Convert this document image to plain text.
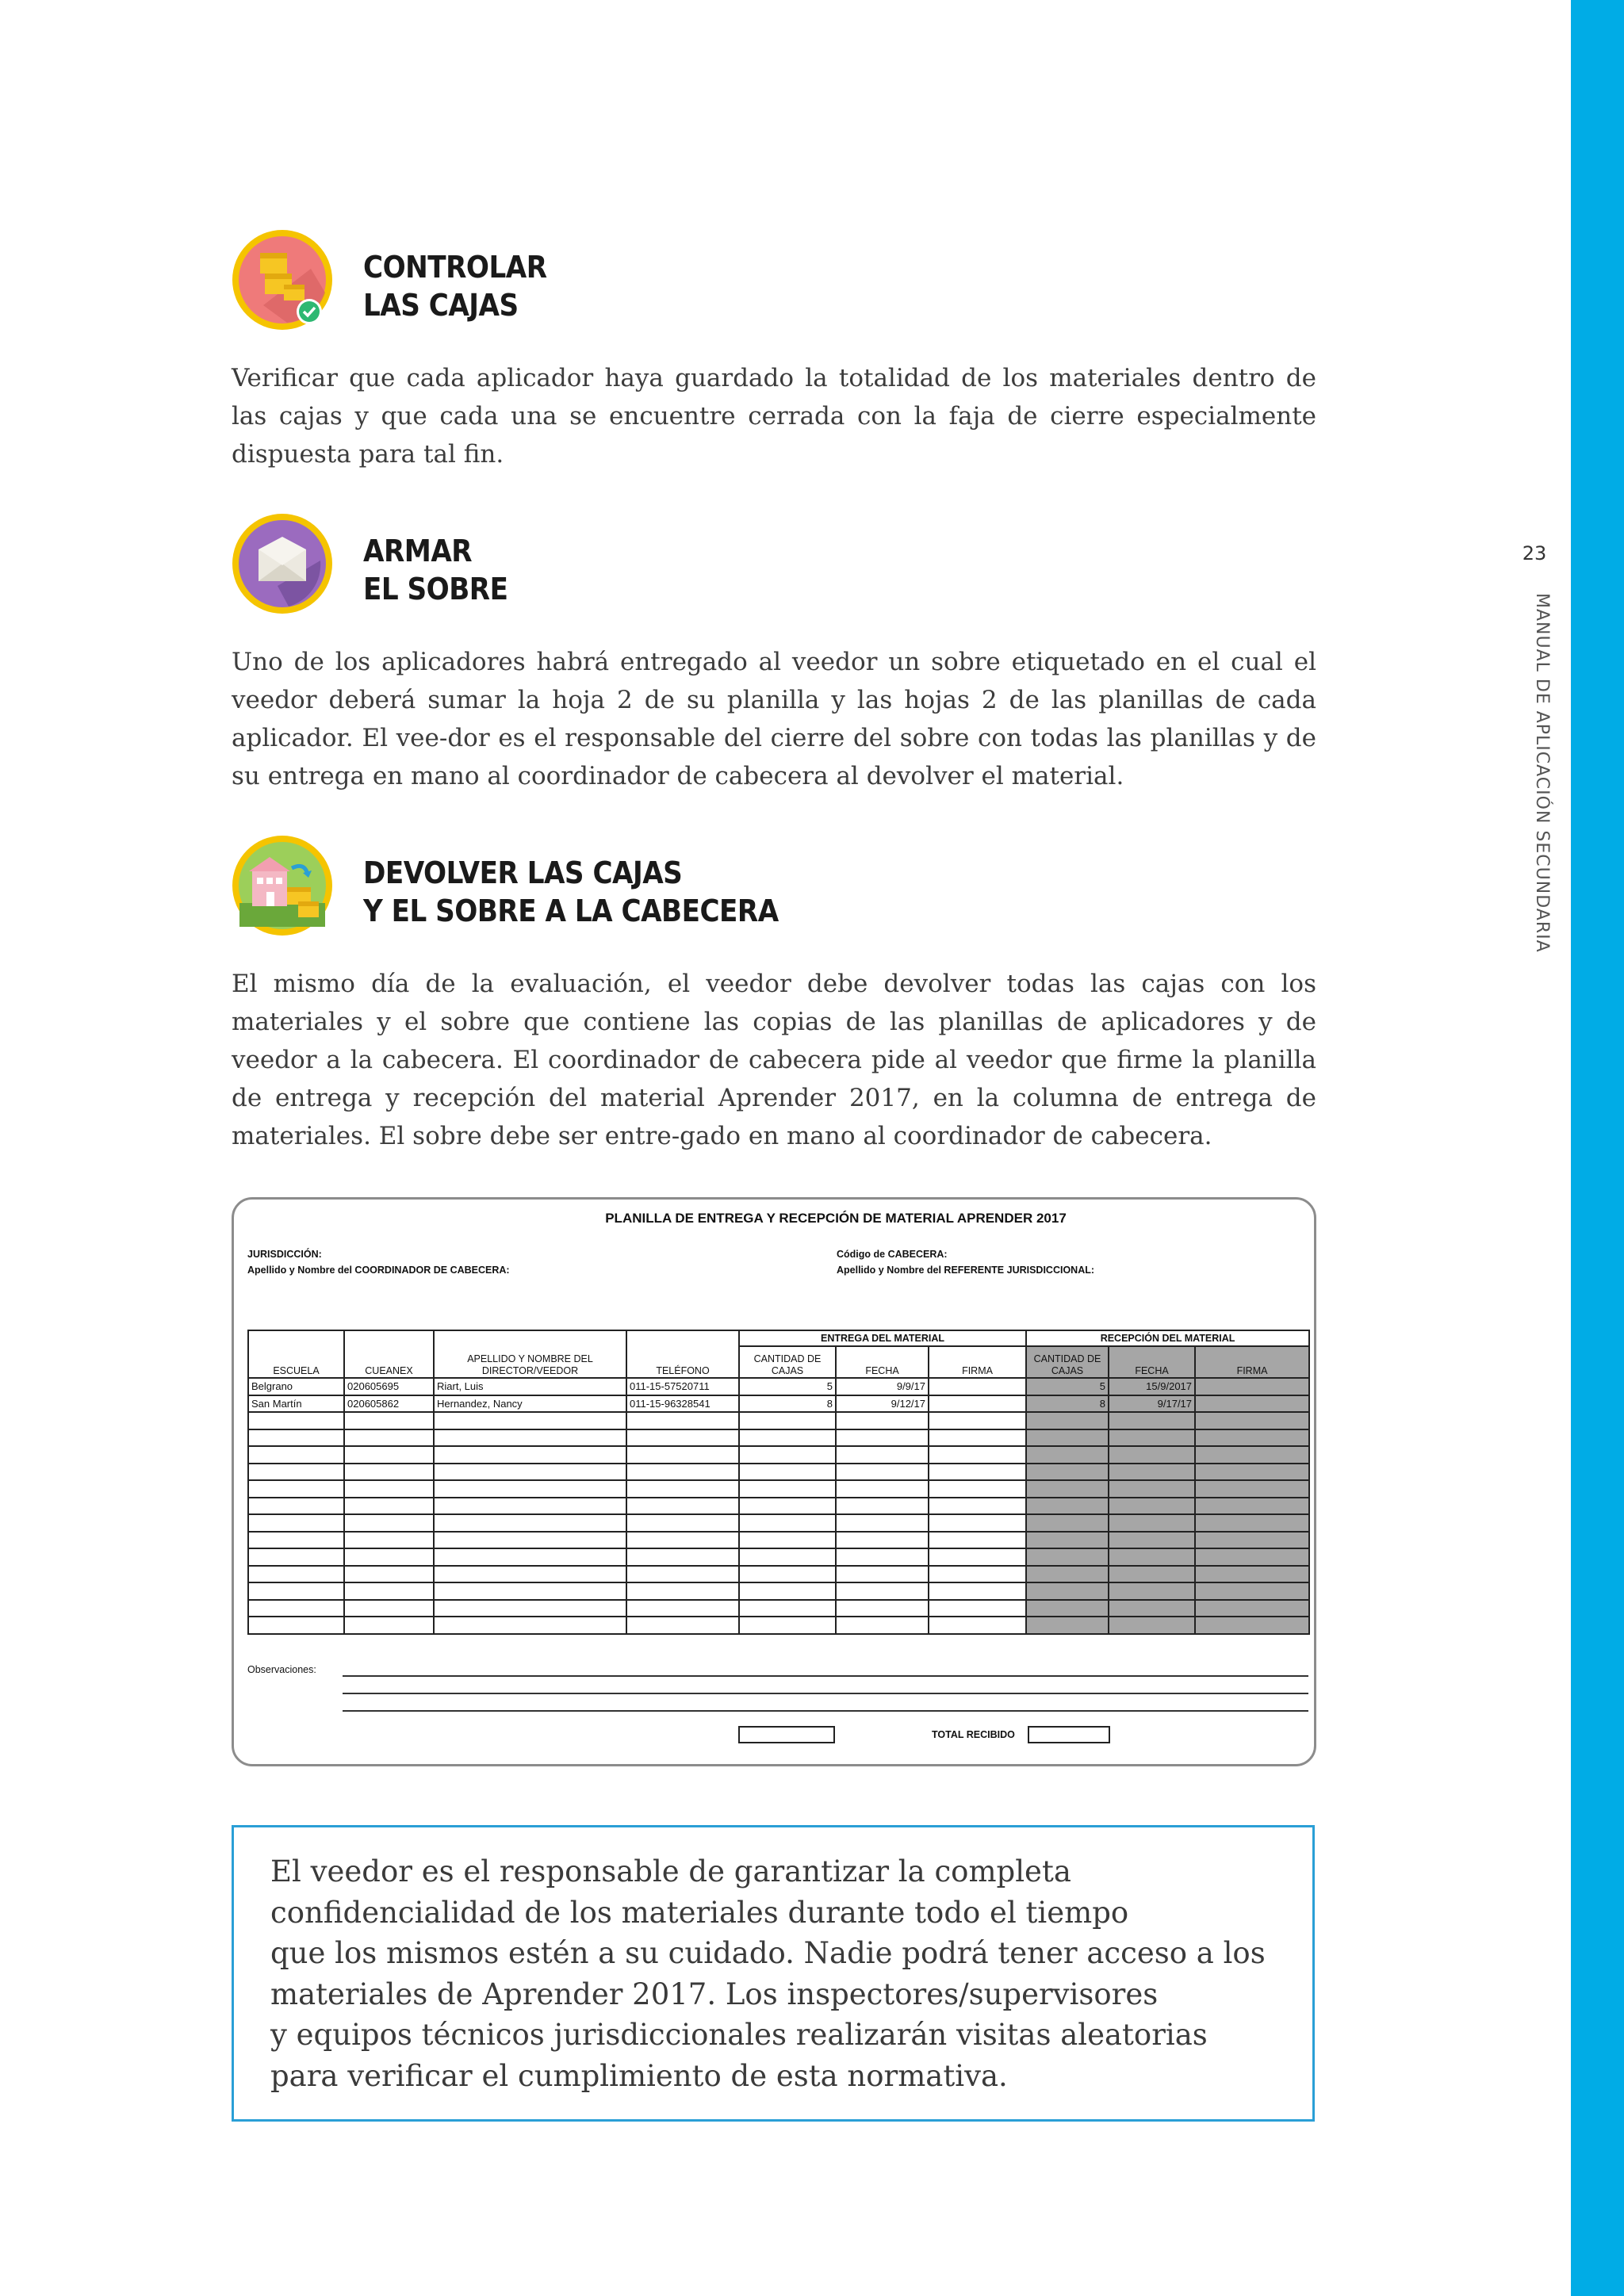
23
MANUAL DE APLICACIÓN SECUNDARIA
CONTROLAR
LAS CAJAS

Verificar que cada aplicador haya guardado la totalidad de los materiales dentro de las cajas y que cada una se encuentre cerrada con la faja de cierre especialmente dispuesta para tal fin.

ARMAR
EL SOBRE

Uno de los aplicadores habrá entregado al veedor un sobre etiquetado en el cual el veedor deberá sumar la hoja 2 de su planilla y las hojas 2 de las planillas de cada aplicador. El vee-dor es el responsable del cierre del sobre con todas las planillas y de su entrega en mano al coordinador de cabecera al devolver el material.

DEVOLVER LAS CAJAS
Y EL SOBRE A LA CABECERA

El mismo día de la evaluación, el veedor debe devolver todas las cajas con los materiales y el sobre que contiene las copias de las planillas de aplicadores y de veedor a la cabecera. El coordinador de cabecera pide al veedor que firme la planilla de entrega y recepción del material Aprender 2017, en la columna de entrega de materiales. El sobre debe ser entre-gado en mano al coordinador de cabecera.

PLANILLA DE ENTREGA Y RECEPCIÓN DE MATERIAL APRENDER 2017
JURISDICCIÓN:
Apellido y Nombre del COORDINADOR DE CABECERA:
Código de CABECERA:
Apellido y Nombre del REFERENTE JURISDICCIONAL:
ESCUELA	CUEANEX	APELLIDO Y NOMBRE DEL DIRECTOR/VEEDOR	TELÉFONO	ENTREGA DEL MATERIAL			RECEPCIÓN DEL MATERIAL		
				CANTIDAD DE CAJAS	FECHA	FIRMA	CANTIDAD DE CAJAS	FECHA	FIRMA
Belgrano	020605695	Riart, Luis	011-15-57520711	5	9/9/17		5	15/9/2017	
San Martín	020605862	Hernandez, Nancy	011-15-96328541	8	9/12/17		8	9/17/17	

Observaciones:
TOTAL RECIBIDO
El veedor es el responsable de garantizar la completa
confidencialidad de los materiales durante todo el tiempo
que los mismos estén a su cuidado. Nadie podrá tener acceso a los
materiales de Aprender 2017. Los inspectores/supervisores
y equipos técnicos jurisdiccionales realizarán visitas aleatorias
para verificar el cumplimiento de esta normativa.
